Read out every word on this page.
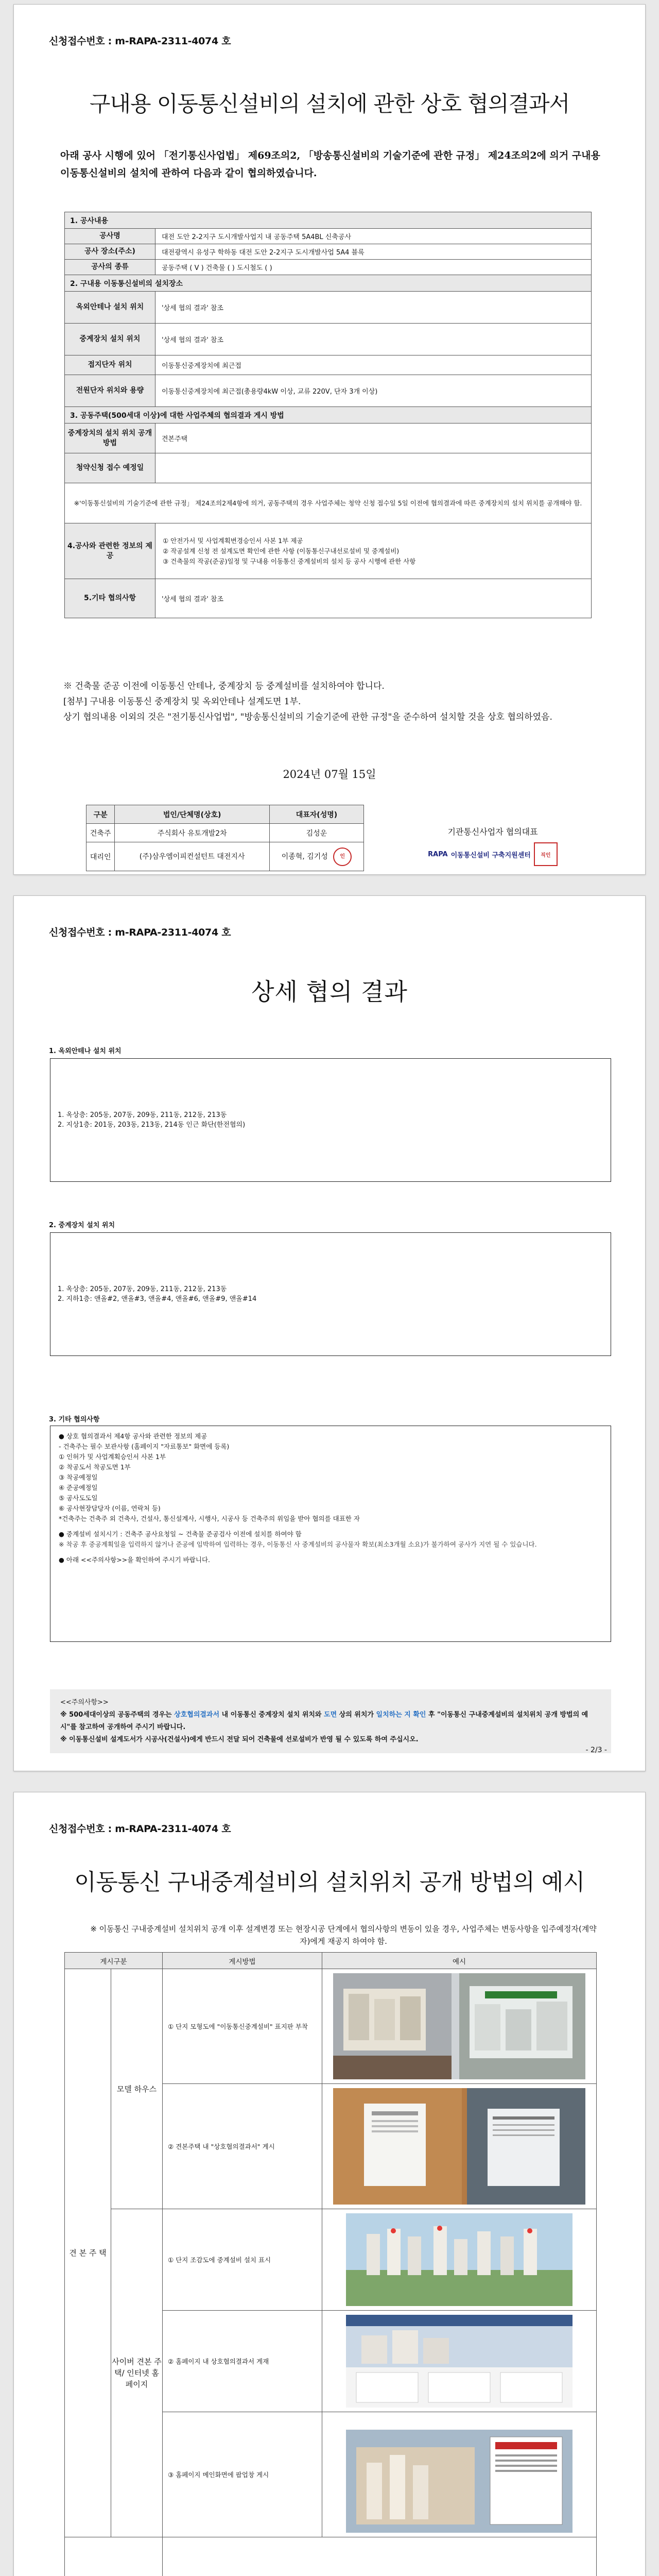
신청접수번호 : m-RAPA-2311-4074 호
구내용 이동통신설비의 설치에 관한 상호 협의결과서
아래 공사 시행에 있어 「전기통신사업법」 제69조의2, 「방송통신설비의 기술기준에 관한 규정」 제24조의2에 의거 구내용 이동통신설비의 설치에 관하여 다음과 같이 협의하였습니다.
1. 공사내용	
공사명	대전 도안 2-2지구 도시개발사업지 내 공동주택 5A4BL 신축공사
공사 장소(주소)	대전광역시 유성구 학하동 대전 도안 2-2지구 도시개발사업 5A4 블록
공사의 종류	공동주택 ( V ) 건축물 ( ) 도시철도 ( )
2. 구내용 이동통신설비의 설치장소	
옥외안테나 설치 위치	'상세 협의 결과' 참조
중계장치 설치 위치	'상세 협의 결과' 참조
접지단자 위치	이동통신중계장치에 최근접
전원단자 위치와 용량	이동통신중계장치에 최근접(총용량4kW 이상, 교류 220V, 단자 3개 이상)
3. 공동주택(500세대 이상)에 대한 사업주체의 협의결과 게시 방법	
중계장치의 설치 위치 공개방법	견본주택
청약신청 접수 예정일	
※'이동통신설비의 기술기준에 관한 규정」 제24조의2제4항에 의거, 공동주택의 경우 사업주체는 청약 신청 접수일 5일 이전에 협의결과에 따른 중계장치의 설치 위치를 공개해야 함.	
4.공사와 관련한 정보의 제공	① 안전가서 및 사업계획변경승인서 사본 1부 제공
② 작공설계 신청 전 설계도면 확인에 관한 사항 (이동통신구내선로설비 및 중계설비)
③ 건축물의 작공(준공)일정 및 구내용 이동통신 중계설비의 설치 등 공사 시행에 관한 사항

5.기타 협의사항	'상세 협의 결과' 참조
※ 건축물 준공 이전에 이동통신 안테나, 중계장치 등 중계설비를 설치하여야 합니다.
[첨부] 구내용 이동통신 중계장치 및 옥외안테나 설계도면 1부.
상기 협의내용 이외의 것은 "전기통신사업법", "방송통신설비의 기술기준에 관한 규정"을 준수하여 설치할 것을 상호 협의하였음.
2024년 07월 15일
구분	법인/단체명(상호)	대표자(성명)
건축주	주식회사 유토개발2차	김성운
대리인	(주)삼우엠이피컨설턴트 대전지사	이종혁, 김기성 인
기관통신사업자 협의대표
RAPA 이동통신설비 구축지원센터	직인
신청접수번호 : m-RAPA-2311-4074 호
상세 협의 결과
1. 옥외안테나 설치 위치
1. 옥상층: 205동, 207동, 209동, 211동, 212동, 213동
2. 지상1층: 201동, 203동, 213동, 214동 인근 화단(한전협의)
2. 중계장치 설치 위치
1. 옥상층: 205동, 207동, 209동, 211동, 212동, 213동
2. 지하1층: 앤올#2, 앤올#3, 앤올#4, 앤올#6, 앤올#9, 앤올#14
3. 기타 협의사항
● 상호 협의결과서 제4항 공사와 관련한 정보의 제공
- 건축주는 필수 보관사항 (홈페이지 "자료통보" 화면에 등록)
① 인허가 및 사업계획승인서 사본 1부
② 착공도서 착공도면 1부
③ 착공예정일
④ 준공예정일
⑤ 공사도도일
⑥ 공사현장담당자 (이름, 연락처 등)
*건축주는 건축주 외 건축사, 건설사, 통신설계사, 시행사, 시공사 등 건축주의 위임을 받아 협의를 대표한 자
● 중계설비 설치시기 : 건축주 공사요청일 ~ 건축물 준공검사 이전에 설치를 하여야 함
※ 착공 후 중공계획일을 입력하지 않거나 준공에 임박하여 입력하는 경우, 이동통신 사 중계설비의 공사물자 확보(최소3개월 소요)가 불가하여 공사가 지연 될 수 있습니다.
● 아래 <<주의사항>>을 확인하여 주시기 바랍니다.
<<주의사항>>
※ 500세대이상의 공동주택의 경우는 상호협의결과서 내 이동통신 중계장치 설치 위치와 도면 상의 위치가 일치하는 지 확인 후 "이동통신 구내중계설비의 설치위치 공개 방법의 예시"를 참고하여 공개하여 주시기 바랍니다.
※ 이동통신설비 설계도서가 시공사(건설사)에게 반드시 전달 되어 건축물에 선로설비가 반영 될 수 있도록 하여 주십시오.
- 2/3 -
신청접수번호 : m-RAPA-2311-4074 호
이동통신 구내중계설비의 설치위치 공개 방법의 예시
※ 이동통신 구내중계설비 설치위치 공개 이후 설계변경 또는 현장시공 단계에서 협의사항의 변동이 있을 경우, 사업주체는 변동사항을 입주예정자(계약자)에게 재공지 하여야 함.
게시구분		게시방법	예시
견 본 주 택	모델 하우스	① 단지 모형도에 "이동통신중계설비" 표지판 부착	

		② 견본주택 내 "상호협의결과서" 게시	

	사이버 견본 주택/ 인터넷 홈페이지	① 단지 조감도에 중계설비 설치 표시	

		② 홈페이지 내 상호협의결과서 게재	

		③ 홈페이지 메인화면에 팝업창 게시	
